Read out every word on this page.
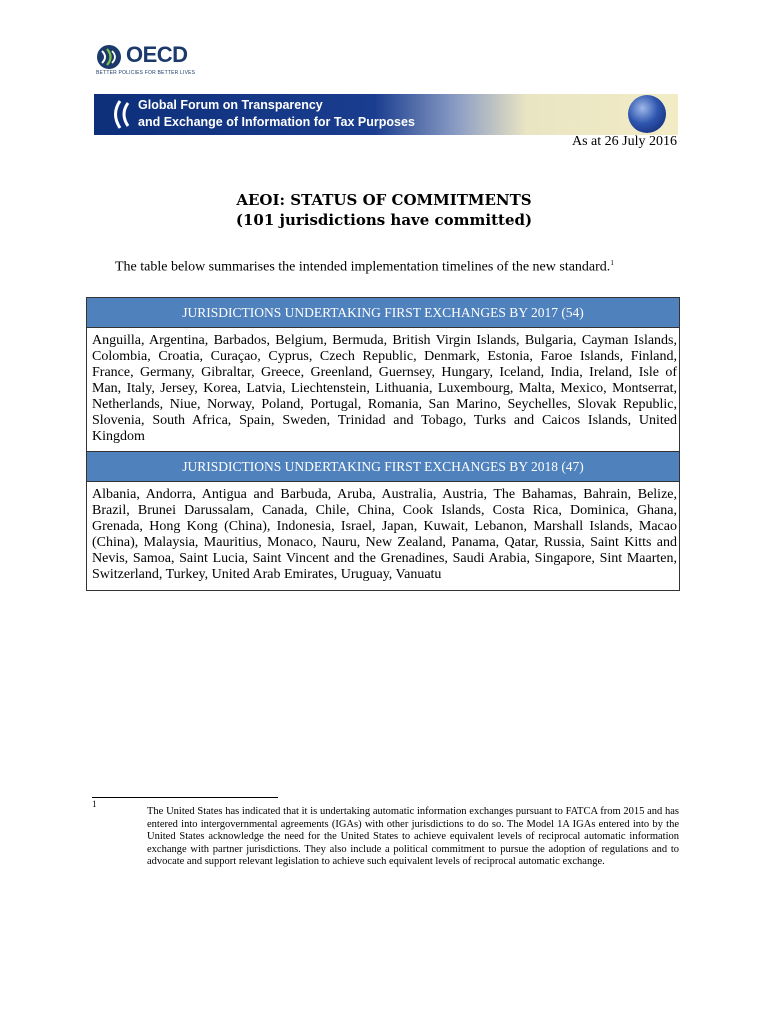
OECD
BETTER POLICIES FOR BETTER LIVES
Global Forum on Transparency
and Exchange of Information for Tax Purposes
As at 26 July 2016
AEOI: STATUS OF COMMITMENTS
(101 jurisdictions have committed)
The table below summarises the intended implementation timelines of the new standard.$^1$
JURISDICTIONS UNDERTAKING FIRST EXCHANGES BY 2017 (54)
Anguilla, Argentina, Barbados, Belgium, Bermuda, British Virgin Islands, Bulgaria, Cayman Islands, Colombia, Croatia, Curaçao, Cyprus, Czech Republic, Denmark, Estonia, Faroe Islands, Finland, France, Germany, Gibraltar, Greece, Greenland, Guernsey, Hungary, Iceland, India, Ireland, Isle of Man, Italy, Jersey, Korea, Latvia, Liechtenstein, Lithuania, Luxembourg, Malta, Mexico, Montserrat, Netherlands, Niue, Norway, Poland, Portugal, Romania, San Marino, Seychelles, Slovak Republic, Slovenia, South Africa, Spain, Sweden, Trinidad and Tobago, Turks and Caicos Islands, United Kingdom
JURISDICTIONS UNDERTAKING FIRST EXCHANGES BY 2018 (47)
Albania, Andorra, Antigua and Barbuda, Aruba, Australia, Austria, The Bahamas, Bahrain, Belize, Brazil, Brunei Darussalam, Canada, Chile, China, Cook Islands, Costa Rica, Dominica, Ghana, Grenada, Hong Kong (China), Indonesia, Israel, Japan, Kuwait, Lebanon, Marshall Islands, Macao (China), Malaysia, Mauritius, Monaco, Nauru, New Zealand, Panama, Qatar, Russia, Saint Kitts and Nevis, Samoa, Saint Lucia, Saint Vincent and the Grenadines, Saudi Arabia, Singapore, Sint Maarten, Switzerland, Turkey, United Arab Emirates, Uruguay, Vanuatu
1
The United States has indicated that it is undertaking automatic information exchanges pursuant to FATCA from 2015 and has entered into intergovernmental agreements (IGAs) with other jurisdictions to do so. The Model 1A IGAs entered into by the United States acknowledge the need for the United States to achieve equivalent levels of reciprocal automatic information exchange with partner jurisdictions. They also include a political commitment to pursue the adoption of regulations and to advocate and support relevant legislation to achieve such equivalent levels of reciprocal automatic exchange.
